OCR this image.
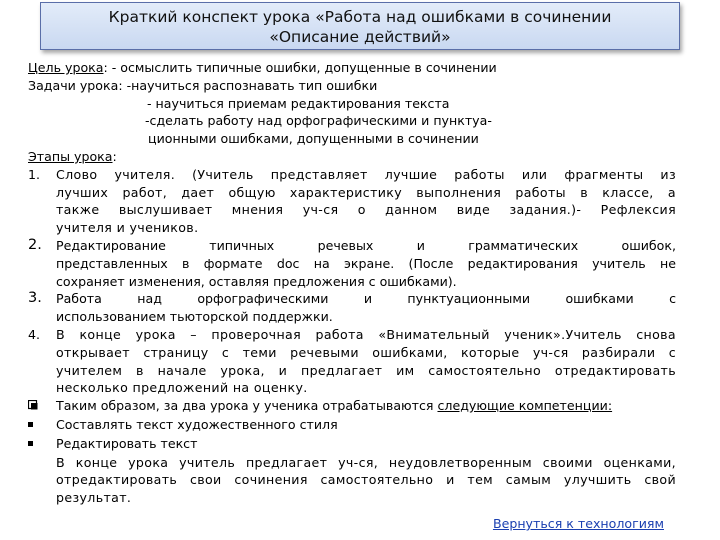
Краткий конспект урока «Работа над ошибками в сочинении
«Описание действий»
Цель урока: - осмыслить типичные ошибки, допущенные в сочинении
Задачи урока: -научиться распознавать тип ошибки
- научиться приемам редактирования текста
-сделать работу над орфографическими и пунктуа-
ционными ошибками, допущенными в сочинении
Этапы урока:
1.	Слово учителя. (Учитель представляет лучшие работы или фрагменты из
лучших работ, дает общую характеристику выполнения работы в классе, а
также выслушивает мнения уч-ся о данном виде задания.)- Рефлексия
учителя и учеников.
2.	Редактирование типичных речевых и грамматических ошибок,
представленных в формате doc на экране. (После редактирования учитель не
сохраняет изменения, оставляя предложения с ошибками).
3.	Работа над орфографическими и пунктуационными ошибками с
использованием тьюторской поддержки.
4.	В конце урока – проверочная работа «Внимательный ученик».Учитель снова
открывает страницу с теми речевыми ошибками, которые уч-ся разбирали с
учителем в начале урока, и предлагает им самостоятельно отредактировать
несколько предложений на оценку.
Таким образом, за два урока у ученика отрабатываются следующие компетенции:
Составлять текст художественного стиля
Редактировать текст
В конце урока учитель предлагает уч-ся, неудовлетворенным своими оценками,
отредактировать свои сочинения самостоятельно и тем самым улучшить свой
результат.
Вернуться к технологиям
